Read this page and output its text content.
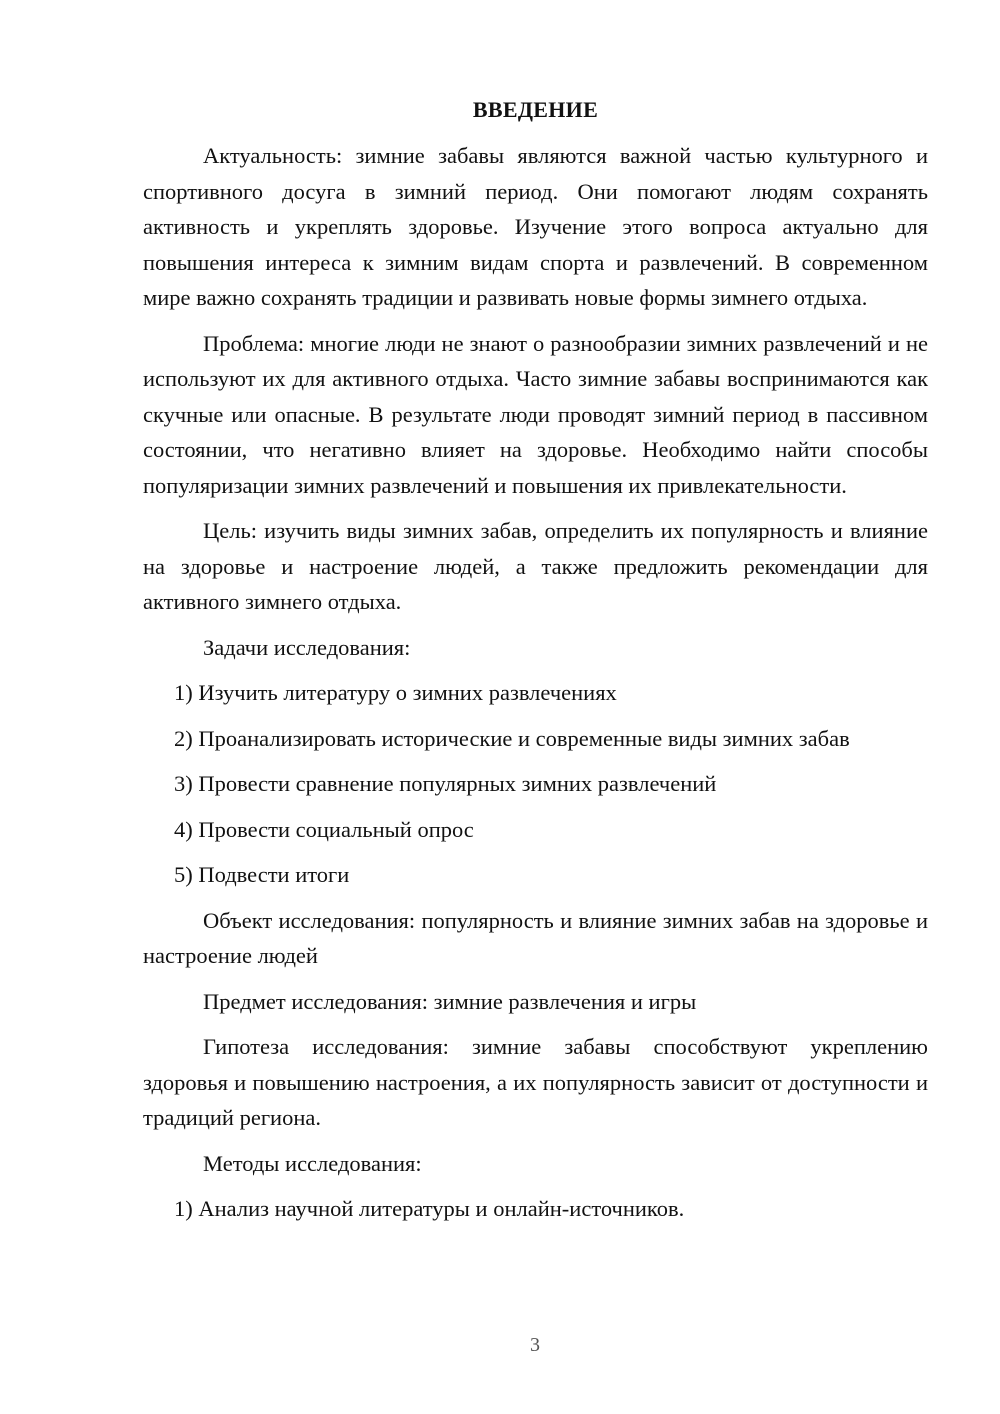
ВВЕДЕНИЕ

Актуальность: зимние забавы являются важной частью культурного и спортивного досуга в зимний период. Они помогают людям сохранять активность и укреплять здоровье. Изучение этого вопроса актуально для повышения интереса к зимним видам спорта и развлечений. В современном мире важно сохранять традиции и развивать новые формы зимнего отдыха.

Проблема: многие люди не знают о разнообразии зимних развлечений и не используют их для активного отдыха. Часто зимние забавы воспринимаются как скучные или опасные. В результате люди проводят зимний период в пассивном состоянии, что негативно влияет на здоровье. Необходимо найти способы популяризации зимних развлечений и повышения их привлекательности.

Цель: изучить виды зимних забав, определить их популярность и влияние на здоровье и настроение людей, а также предложить рекомендации для активного зимнего отдыха.

Задачи исследования:
1) Изучить литературу о зимних развлечениях
2) Проанализировать исторические и современные виды зимних забав
3) Провести сравнение популярных зимних развлечений
4) Провести социальный опрос
5) Подвести итоги

Объект исследования: популярность и влияние зимних забав на здоровье и настроение людей

Предмет исследования: зимние развлечения и игры

Гипотеза исследования: зимние забавы способствуют укреплению здоровья и повышению настроения, а их популярность зависит от доступности и традиций региона.

Методы исследования:
1) Анализ научной литературы и онлайн-источников.
3
